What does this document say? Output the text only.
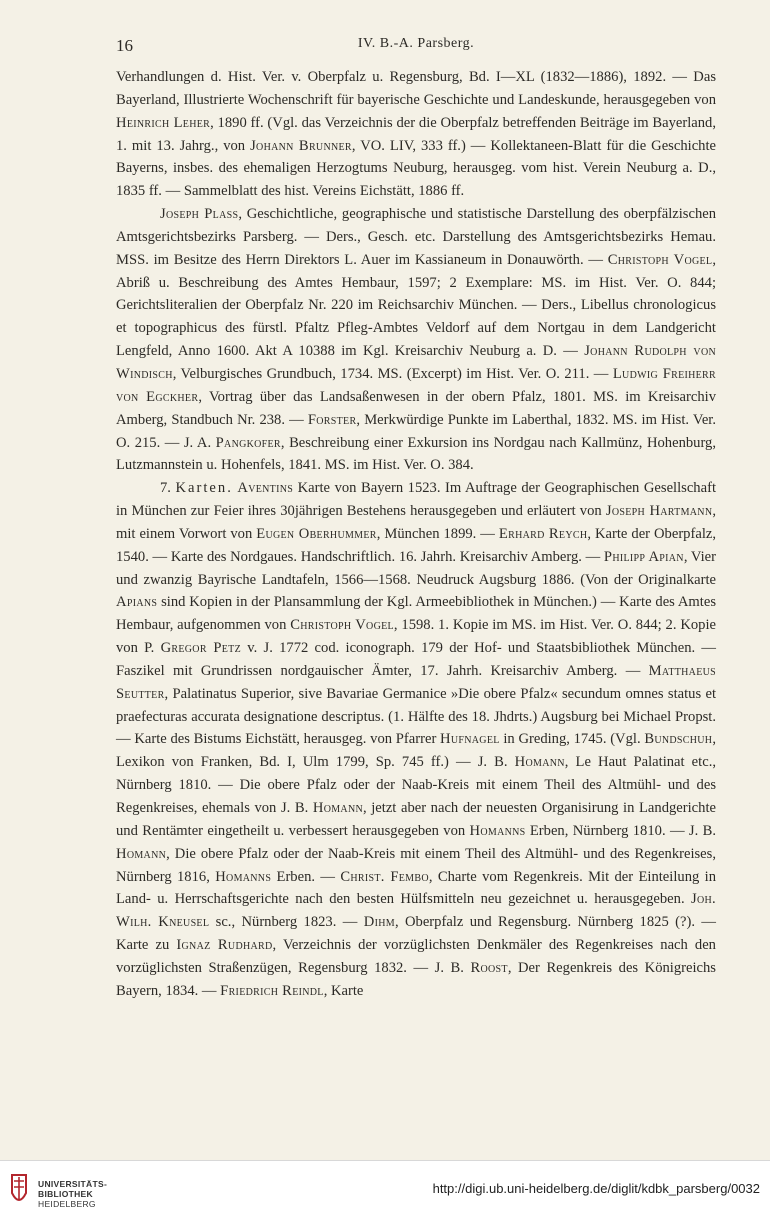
16	IV. B.-A. Parsberg.

Verhandlungen d. Hist. Ver. v. Oberpfalz u. Regensburg, Bd. I—XL (1832—1886), 1892. — Das Bayerland, Illustrierte Wochenschrift für bayerische Geschichte und Landeskunde, herausgegeben von Heinrich Leher, 1890 ff. (Vgl. das Verzeichnis der die Oberpfalz betreffenden Beiträge im Bayerland, 1. mit 13. Jahrg., von Johann Brunner, VO. LIV, 333 ff.) — Kollektaneen-Blatt für die Geschichte Bayerns, insbes. des ehemaligen Herzogtums Neuburg, herausgeg. vom hist. Verein Neuburg a. D., 1835 ff. — Sammelblatt des hist. Vereins Eichstätt, 1886 ff.

Joseph Plass, Geschichtliche, geographische und statistische Darstellung des oberpfälzischen Amtsgerichtsbezirks Parsberg. — Ders., Gesch. etc. Darstellung des Amtsgerichtsbezirks Hemau. MSS. im Besitze des Herrn Direktors L. Auer im Kassianeum in Donauwörth. — Christoph Vogel, Abriß u. Beschreibung des Amtes Hembaur, 1597; 2 Exemplare: MS. im Hist. Ver. O. 844; Gerichtsliteralien der Oberpfalz Nr. 220 im Reichsarchiv München. — Ders., Libellus chronologicus et topographicus des fürstl. Pfaltz Pfleg-Ambtes Veldorf auf dem Nortgau in dem Landgericht Lengfeld, Anno 1600. Akt A 10388 im Kgl. Kreisarchiv Neuburg a. D. — Johann Rudolph von Windisch, Velburgisches Grundbuch, 1734. MS. (Excerpt) im Hist. Ver. O. 211. — Ludwig Freiherr von Egckher, Vortrag über das Landsaßenwesen in der obern Pfalz, 1801. MS. im Kreisarchiv Amberg, Standbuch Nr. 238. — Forster, Merkwürdige Punkte im Laberthal, 1832. MS. im Hist. Ver. O. 215. — J. A. Pangkofer, Beschreibung einer Exkursion ins Nordgau nach Kallmünz, Hohenburg, Lutzmannstein u. Hohenfels, 1841. MS. im Hist. Ver. O. 384.

7. Karten. Aventins Karte von Bayern 1523. Im Auftrage der Geographischen Gesellschaft in München zur Feier ihres 30jährigen Bestehens herausgegeben und erläutert von Joseph Hartmann, mit einem Vorwort von Eugen Oberhummer, München 1899. — Erhard Reych, Karte der Oberpfalz, 1540. — Karte des Nordgaues. Handschriftlich. 16. Jahrh. Kreisarchiv Amberg. — Philipp Apian, Vier und zwanzig Bayrische Landtafeln, 1566—1568. Neudruck Augsburg 1886. (Von der Originalkarte Apians sind Kopien in der Plansammlung der Kgl. Armeebibliothek in München.) — Karte des Amtes Hembaur, aufgenommen von Christoph Vogel, 1598. 1. Kopie im MS. im Hist. Ver. O. 844; 2. Kopie von P. Gregor Petz v. J. 1772 cod. iconograph. 179 der Hof- und Staatsbibliothek München. — Faszikel mit Grundrissen nordgauischer Ämter, 17. Jahrh. Kreisarchiv Amberg. — Matthaeus Seutter, Palatinatus Superior, sive Bavariae Germanice »Die obere Pfalz« secundum omnes status et praefecturas accurata designatione descriptus. (1. Hälfte des 18. Jhdrts.) Augsburg bei Michael Propst. — Karte des Bistums Eichstätt, herausgeg. von Pfarrer Hufnagel in Greding, 1745. (Vgl. Bundschuh, Lexikon von Franken, Bd. I, Ulm 1799, Sp. 745 ff.) — J. B. Homann, Le Haut Palatinat etc., Nürnberg 1810. — Die obere Pfalz oder der Naab-Kreis mit einem Theil des Altmühl- und des Regenkreises, ehemals von J. B. Homann, jetzt aber nach der neuesten Organisirung in Landgerichte und Rentämter eingetheilt u. verbessert herausgegeben von Homanns Erben, Nürnberg 1810. — J. B. Homann, Die obere Pfalz oder der Naab-Kreis mit einem Theil des Altmühl- und des Regenkreises, Nürnberg 1816, Homanns Erben. — Christ. Fembo, Charte vom Regenkreis. Mit der Einteilung in Land- u. Herrschaftsgerichte nach den besten Hülfsmitteln neu gezeichnet u. herausgegeben. Joh. Wilh. Kneusel sc., Nürnberg 1823. — Dihm, Oberpfalz und Regensburg. Nürnberg 1825 (?). — Karte zu Ignaz Rudhard, Verzeichnis der vorzüglichsten Denkmäler des Regenkreises nach den vorzüglichsten Straßenzügen, Regensburg 1832. — J. B. Roost, Der Regenkreis des Königreichs Bayern, 1834. — Friedrich Reindl, Karte

UNIVERSITÄTS-
BIBLIOTHEK
HEIDELBERG
http://digi.ub.uni-heidelberg.de/diglit/kdbk_parsberg/0032
